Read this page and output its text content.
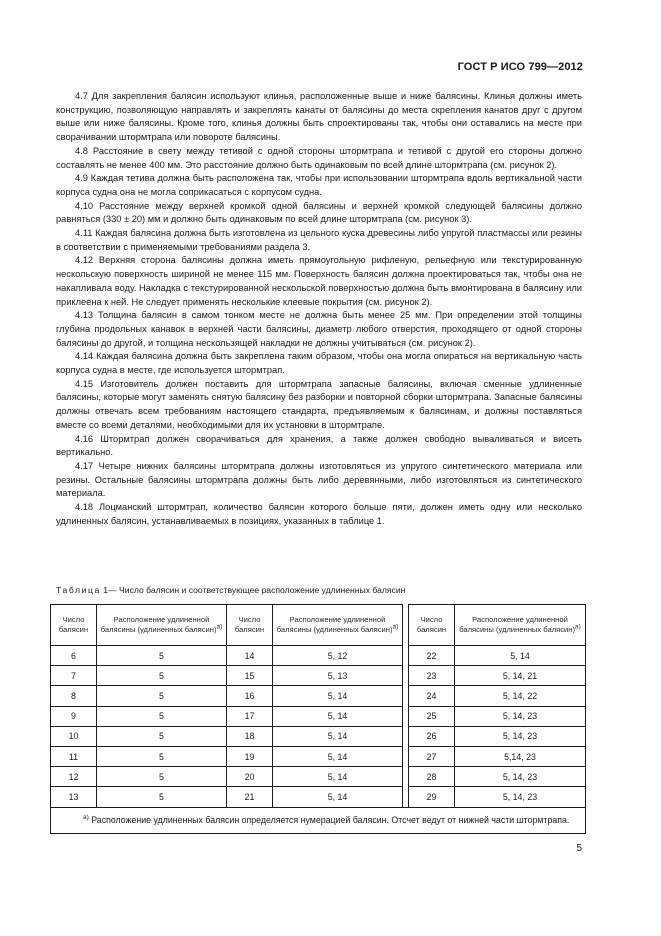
ГОСТ Р ИСО 799—2012

4.7 Для закрепления балясин используют клинья, расположенные выше и ниже балясины. Клинья должны иметь конструкцию, позволяющую направлять и закреплять канаты от балясины до места скрепления канатов друг с другом выше или ниже балясины. Кроме того, клинья должны быть спроектированы так, чтобы они оставались на месте при сворачивании штормтрапа или повороте балясины.

4.8 Расстояние в свету между тетивой с одной стороны штормтрапа и тетивой с другой его стороны должно составлять не менее 400 мм. Это расстояние должно быть одинаковым по всей длине штормтрапа (см. рисунок 2).

4.9 Каждая тетива должна быть расположена так, чтобы при использовании штормтрапа вдоль вертикальной части корпуса судна она не могла соприкасаться с корпусом судна.

4.10 Расстояние между верхней кромкой одной балясины и верхней кромкой следующей балясины должно равняться (330 ± 20) мм и должно быть одинаковым по всей длине штормтрапа (см. рисунок 3).

4.11 Каждая балясина должна быть изготовлена из цельного куска древесины либо упругой пластмассы или резины в соответствии с применяемыми требованиями раздела 3.

4.12 Верхняя сторона балясины должна иметь прямоугольную рифленую, рельефную или текстурированную нескольскую поверхность шириной не менее 115 мм. Поверхность балясин должна проектироваться так, чтобы она не накапливала воду. Накладка с текстурированной нескольской поверхностью должна быть вмонтирована в балясину или приклеена к ней. Не следует применять несколькие клеевые покрытия (см. рисунок 2).

4.13 Толщина балясин в самом тонком месте не должна быть менее 25 мм. При определении этой толщины глубина продольных канавок в верхней части балясины, диаметр любого отверстия, проходящего от одной стороны балясины до другой, и толщина нескользящей накладки не должны учитываться (см. рисунок 2).

4.14 Каждая балясина должна быть закреплена таким образом, чтобы она могла опираться на вертикальную часть корпуса судна в месте, где используется штормтрап.

4.15 Изготовитель должен поставить для штормтрапа запасные балясины, включая сменные удлиненные балясины, которые могут заменять снятую балясину без разборки и повторной сборки штормтрапа. Запасные балясины должны отвечать всем требованиям настоящего стандарта, предъявляемым к балясинам, и должны поставляться вместе со всеми деталями, необходимыми для их установки в штормтрапе.

4.16 Штормтрап должен сворачиваться для хранения, а также должен свободно вываливаться и висеть вертикально.

4.17 Четыре нижних балясины штормтрапа должны изготовляться из упругого синтетического материала или резины. Остальные балясины штормтрапа должны быть либо деревянными, либо изготовляться из синтетического материала.

4.18 Лоцманский штормтрап, количество балясин которого больше пяти, должен иметь одну или несколько удлиненных балясин, устанавливаемых в позициях, указанных в таблице 1.

Таблица 1— Число балясин и соответствующее расположение удлиненных балясин
Число балясин	Расположение удлиненной балясины (удлиненных балясин)$^{а)}$	Число балясин	Расположение удлиненной балясины (удлиненных балясин)$^{а)}$		Число балясин	Расположение удлиненной балясины (удлиненных балясин)$^{а)}$
6	5	14	5, 12		22	5, 14
7	5	15	5, 13		23	5, 14, 21
8	5	16	5, 14		24	5, 14, 22
9	5	17	5, 14		25	5, 14, 23
10	5	18	5, 14		26	5, 14, 23
11	5	19	5, 14		27	5,14, 23
12	5	20	5, 14		28	5, 14, 23
13	5	21	5, 14		29	5, 14, 23
$^{а)}$ Расположение удлиненных балясин определяется нумерацией балясин. Отсчет ведут от нижней части штормтрапа.						
5
